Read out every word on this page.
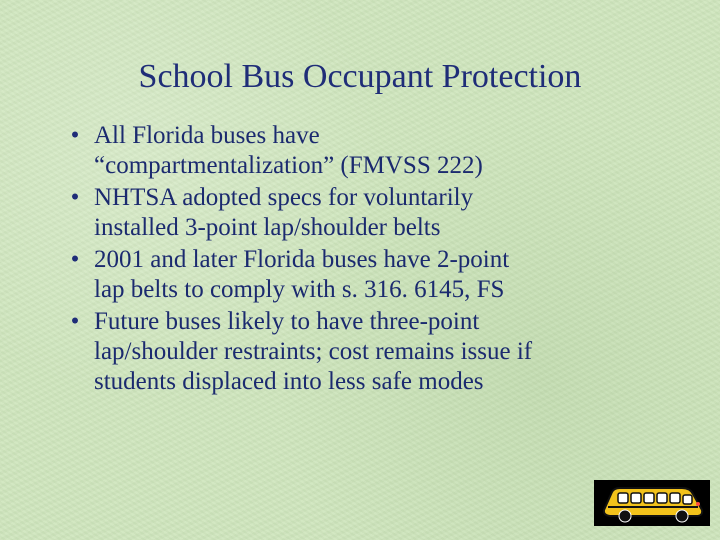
School Bus Occupant Protection
• All Florida buses have
“compartmentalization” (FMVSS 222)
• NHTSA adopted specs for voluntarily
installed 3-point lap/shoulder belts
• 2001 and later Florida buses have 2-point
lap belts to comply with s. 316. 6145, FS
• Future buses likely to have three-point
lap/shoulder restraints; cost remains issue if
students displaced into less safe modes
